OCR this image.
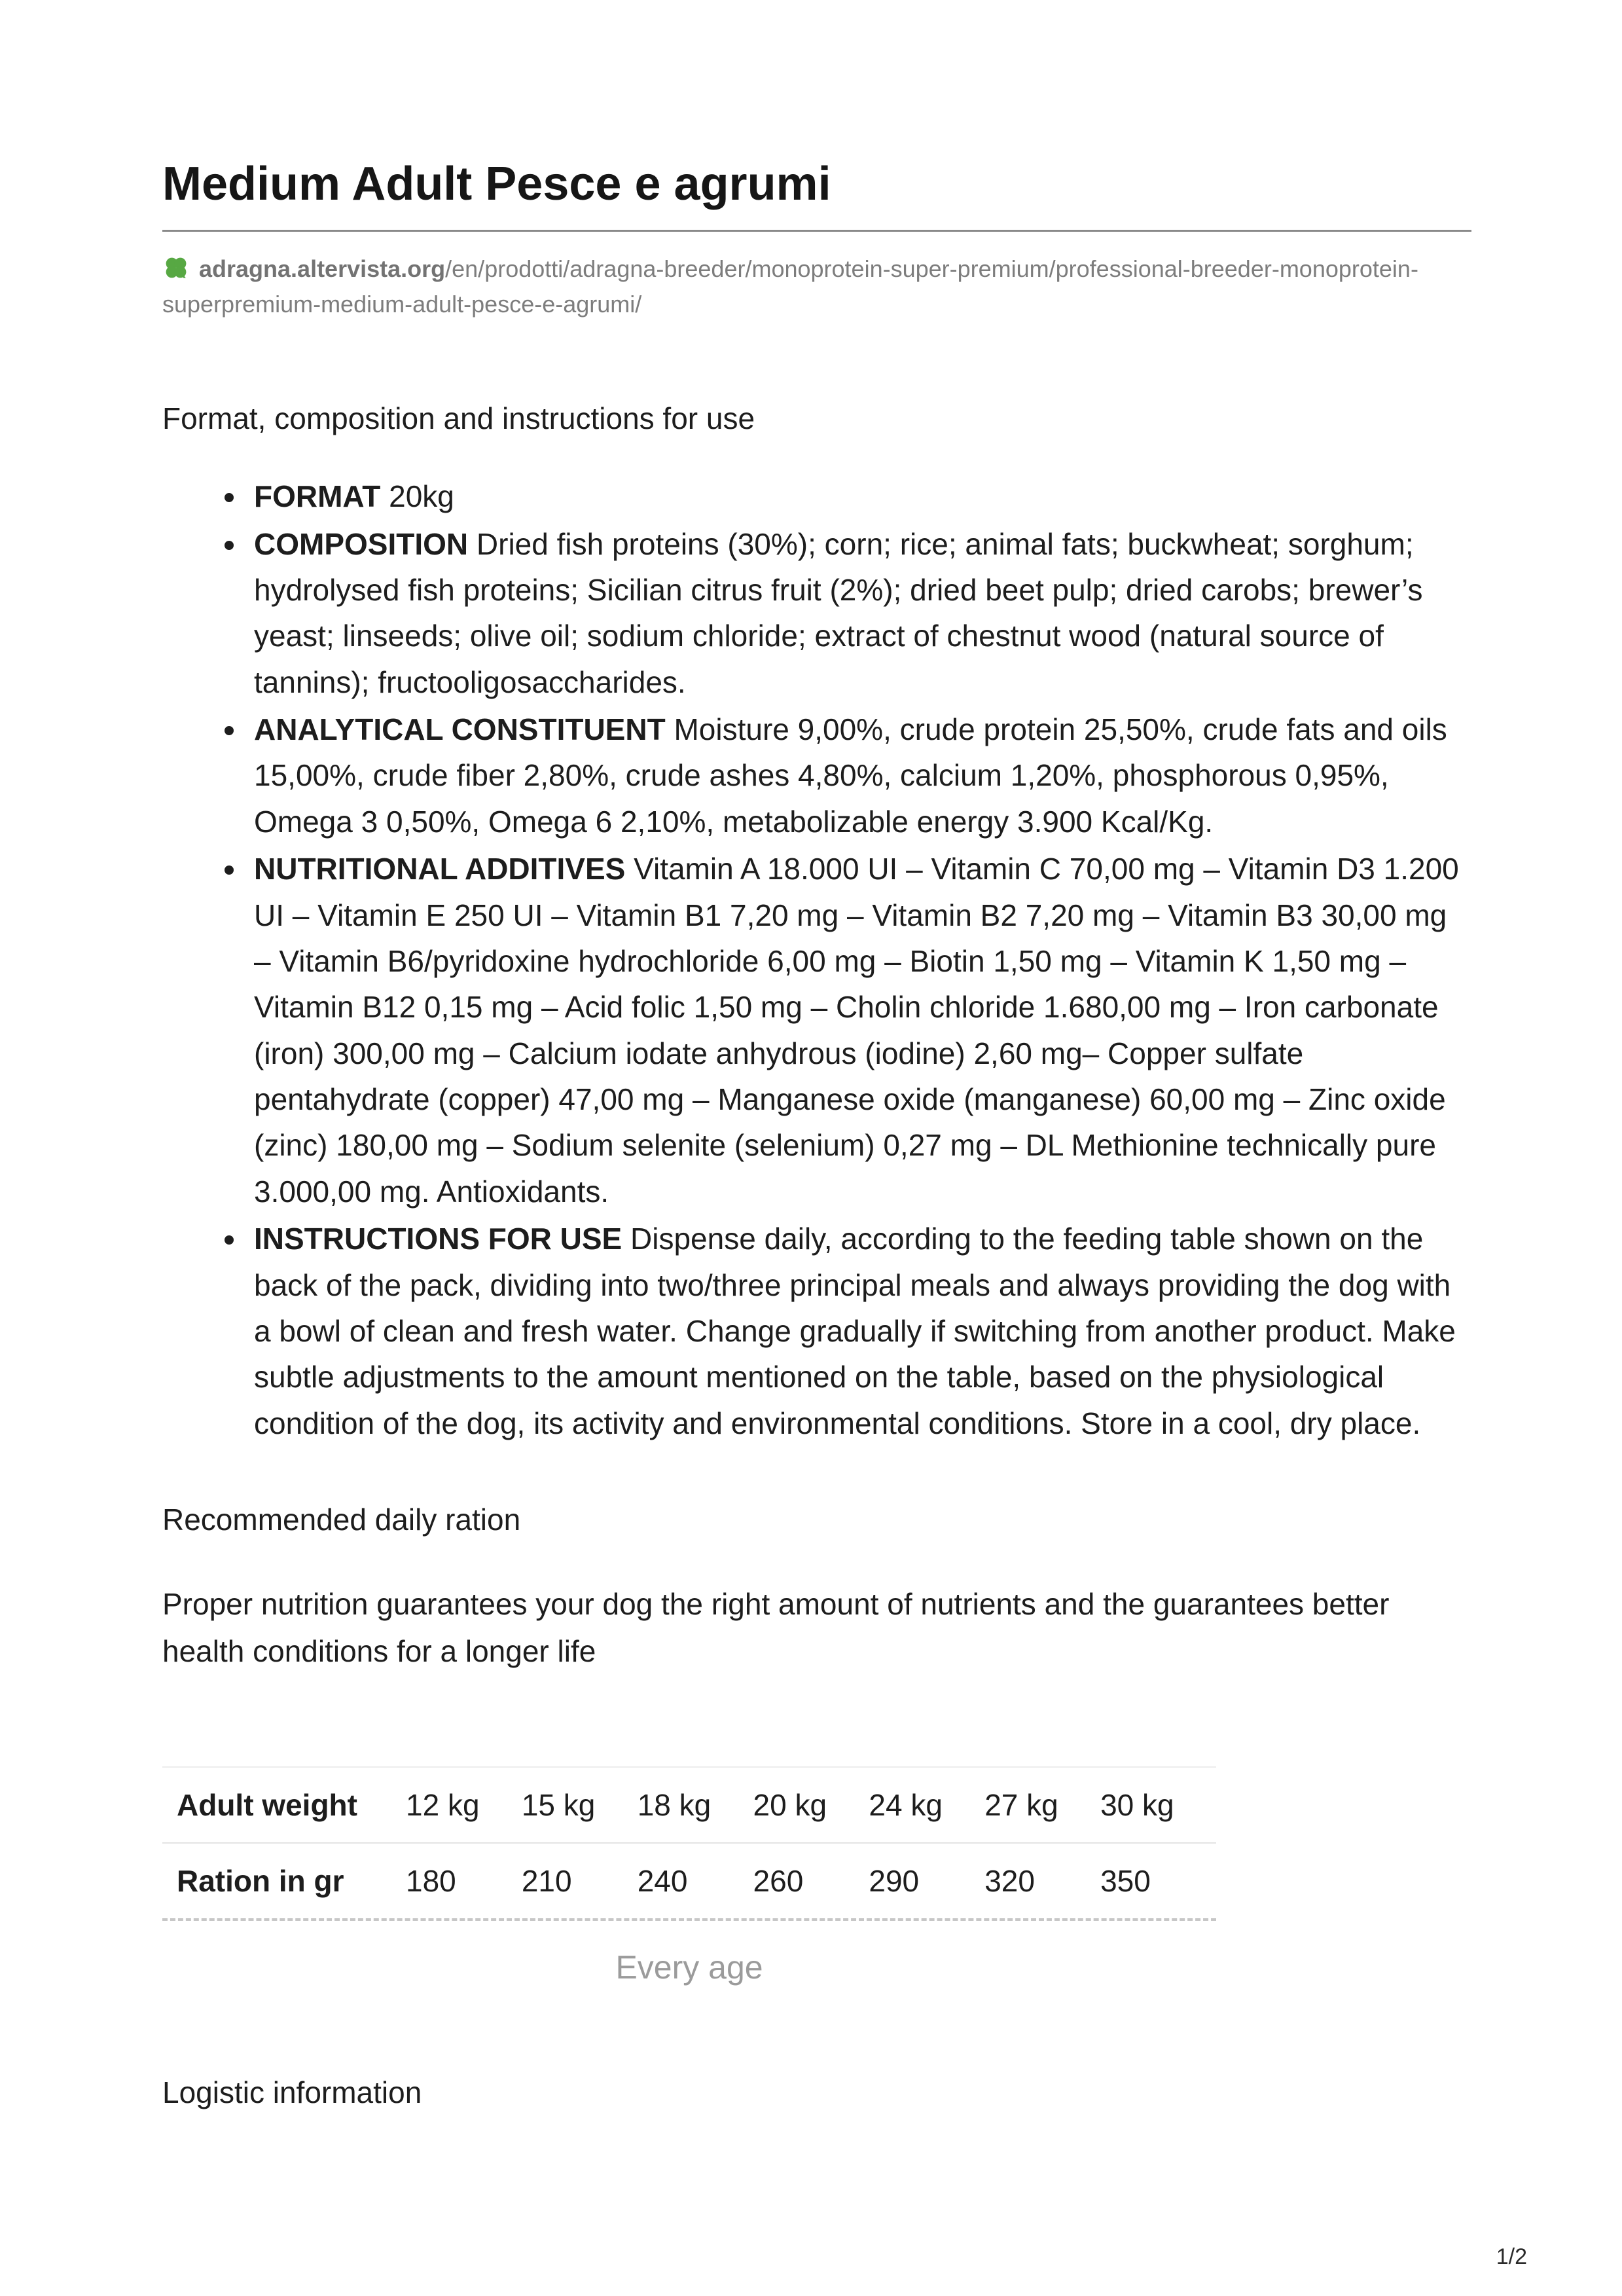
Medium Adult Pesce e agrumi

adragna.altervista.org/en/prodotti/adragna-breeder/monoprotein-super-premium/professional-breeder-monoprotein-superpremium-medium-adult-pesce-e-agrumi/

Format, composition and instructions for use

• FORMAT 20kg
• COMPOSITION Dried fish proteins (30%); corn; rice; animal fats; buckwheat; sorghum; hydrolysed fish proteins; Sicilian citrus fruit (2%); dried beet pulp; dried carobs; brewer’s yeast; linseeds; olive oil; sodium chloride; extract of chestnut wood (natural source of tannins); fructooligosaccharides.
• ANALYTICAL CONSTITUENT Moisture 9,00%, crude protein 25,50%, crude fats and oils 15,00%, crude fiber 2,80%, crude ashes 4,80%, calcium 1,20%, phosphorous 0,95%, Omega 3 0,50%, Omega 6 2,10%, metabolizable energy 3.900 Kcal/Kg.
• NUTRITIONAL ADDITIVES Vitamin A 18.000 UI – Vitamin C 70,00 mg – Vitamin D3 1.200 UI – Vitamin E 250 UI – Vitamin B1 7,20 mg – Vitamin B2 7,20 mg – Vitamin B3 30,00 mg – Vitamin B6/pyridoxine hydrochloride 6,00 mg – Biotin 1,50 mg – Vitamin K 1,50 mg – Vitamin B12 0,15 mg – Acid folic 1,50 mg – Cholin chloride 1.680,00 mg – Iron carbonate (iron) 300,00 mg – Calcium iodate anhydrous (iodine) 2,60 mg– Copper sulfate pentahydrate (copper) 47,00 mg – Manganese oxide (manganese) 60,00 mg – Zinc oxide (zinc) 180,00 mg – Sodium selenite (selenium) 0,27 mg – DL Methionine technically pure 3.000,00 mg. Antioxidants.
• INSTRUCTIONS FOR USE Dispense daily, according to the feeding table shown on the back of the pack, dividing into two/three principal meals and always providing the dog with a bowl of clean and fresh water. Change gradually if switching from another product. Make subtle adjustments to the amount mentioned on the table, based on the physiological condition of the dog, its activity and environmental conditions. Store in a cool, dry place.

Recommended daily ration

Proper nutrition guarantees your dog the right amount of nutrients and the guarantees better health conditions for a longer life

Adult weight	12 kg	15 kg	18 kg	20 kg	24 kg	27 kg	30 kg
Ration in gr	180	210	240	260	290	320	350
Every age

Logistic information

1/2
